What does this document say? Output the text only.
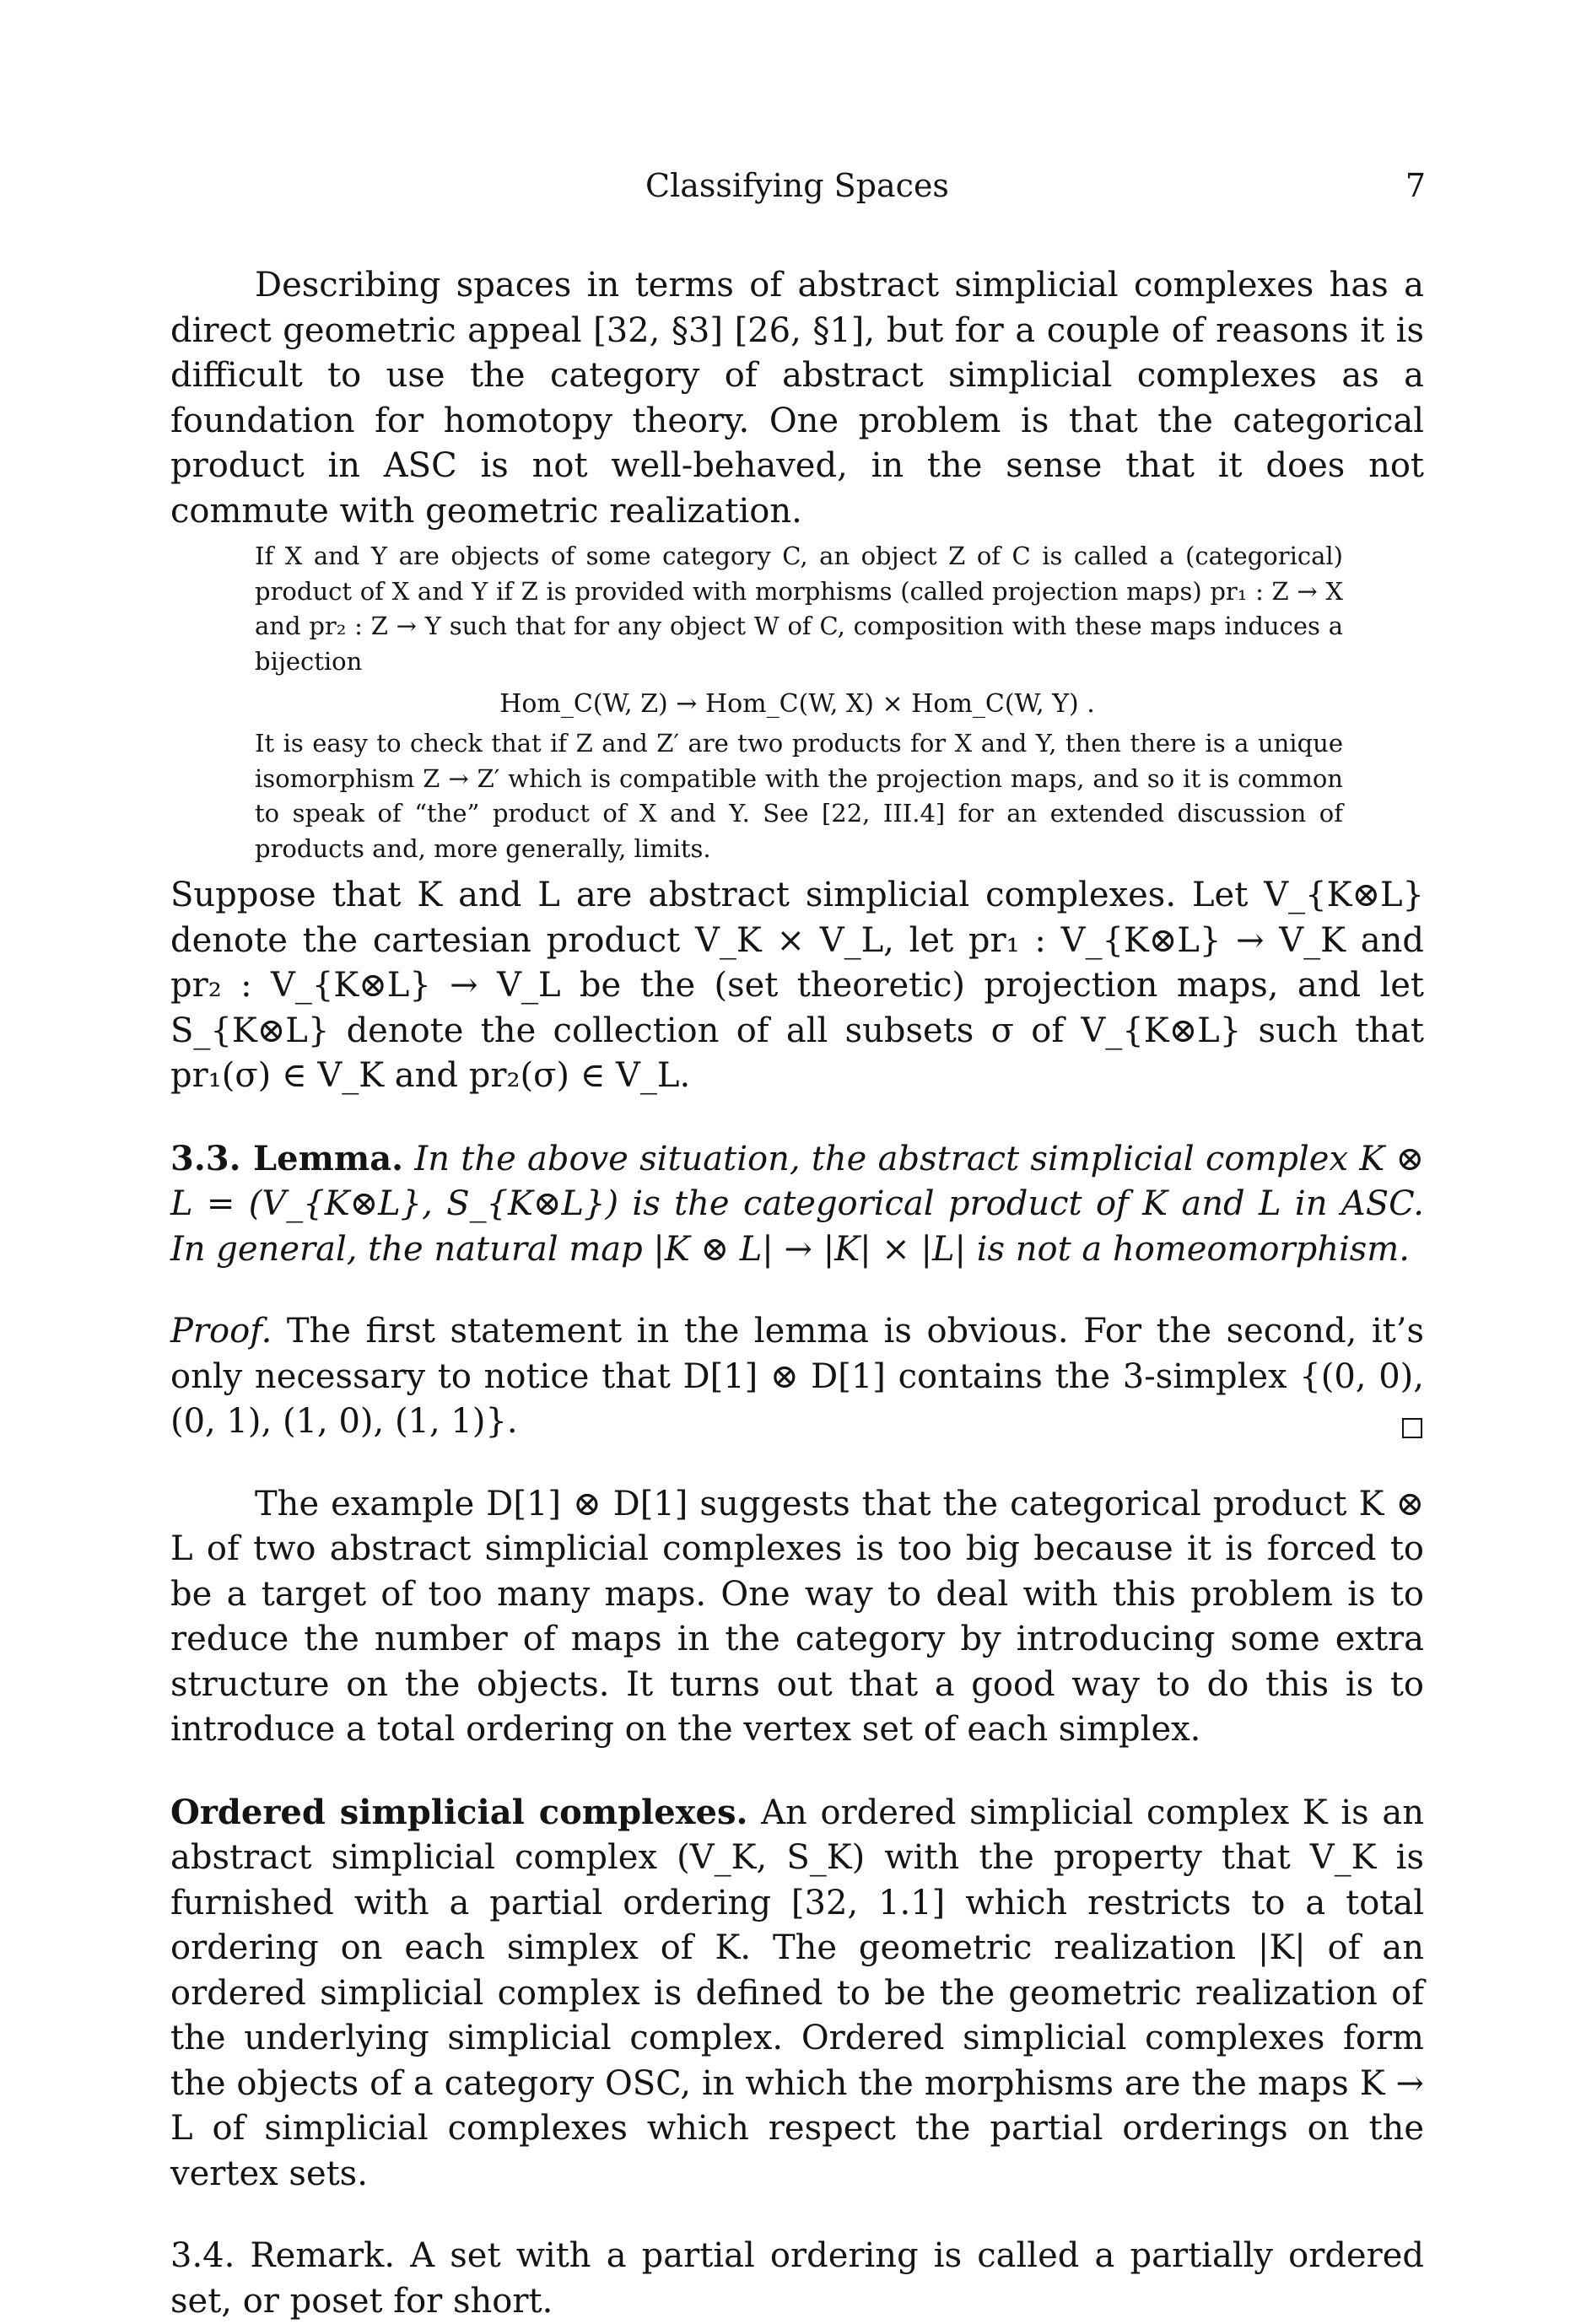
Classifying Spaces	7

Describing spaces in terms of abstract simplicial complexes has a direct geometric appeal [32, §3] [26, §1], but for a couple of reasons it is difficult to use the category of abstract simplicial complexes as a foundation for homotopy theory. One problem is that the categorical product in ASC is not well-behaved, in the sense that it does not commute with geometric realization.

If X and Y are objects of some category C, an object Z of C is called a (categorical) product of X and Y if Z is provided with morphisms (called projection maps) pr₁ : Z → X and pr₂ : Z → Y such that for any object W of C, composition with these maps induces a bijection

Hom_C(W, Z) → Hom_C(W, X) × Hom_C(W, Y) .

It is easy to check that if Z and Z′ are two products for X and Y, then there is a unique isomorphism Z → Z′ which is compatible with the projection maps, and so it is common to speak of “the” product of X and Y. See [22, III.4] for an extended discussion of products and, more generally, limits.

Suppose that K and L are abstract simplicial complexes. Let V_{K⊗L} denote the cartesian product V_K × V_L, let pr₁ : V_{K⊗L} → V_K and pr₂ : V_{K⊗L} → V_L be the (set theoretic) projection maps, and let S_{K⊗L} denote the collection of all subsets σ of V_{K⊗L} such that pr₁(σ) ∈ V_K and pr₂(σ) ∈ V_L.

3.3. Lemma. In the above situation, the abstract simplicial complex K ⊗ L = (V_{K⊗L}, S_{K⊗L}) is the categorical product of K and L in ASC. In general, the natural map |K ⊗ L| → |K| × |L| is not a homeomorphism.

Proof. The first statement in the lemma is obvious. For the second, it’s only necessary to notice that D[1] ⊗ D[1] contains the 3-simplex {(0, 0), (0, 1), (1, 0), (1, 1)}.

The example D[1] ⊗ D[1] suggests that the categorical product K ⊗ L of two abstract simplicial complexes is too big because it is forced to be a target of too many maps. One way to deal with this problem is to reduce the number of maps in the category by introducing some extra structure on the objects. It turns out that a good way to do this is to introduce a total ordering on the vertex set of each simplex.

Ordered simplicial complexes. An ordered simplicial complex K is an abstract simplicial complex (V_K, S_K) with the property that V_K is furnished with a partial ordering [32, 1.1] which restricts to a total ordering on each simplex of K. The geometric realization |K| of an ordered simplicial complex is defined to be the geometric realization of the underlying simplicial complex. Ordered simplicial complexes form the objects of a category OSC, in which the morphisms are the maps K → L of simplicial complexes which respect the partial orderings on the vertex sets.

3.4. Remark. A set with a partial ordering is called a partially ordered set, or poset for short.
